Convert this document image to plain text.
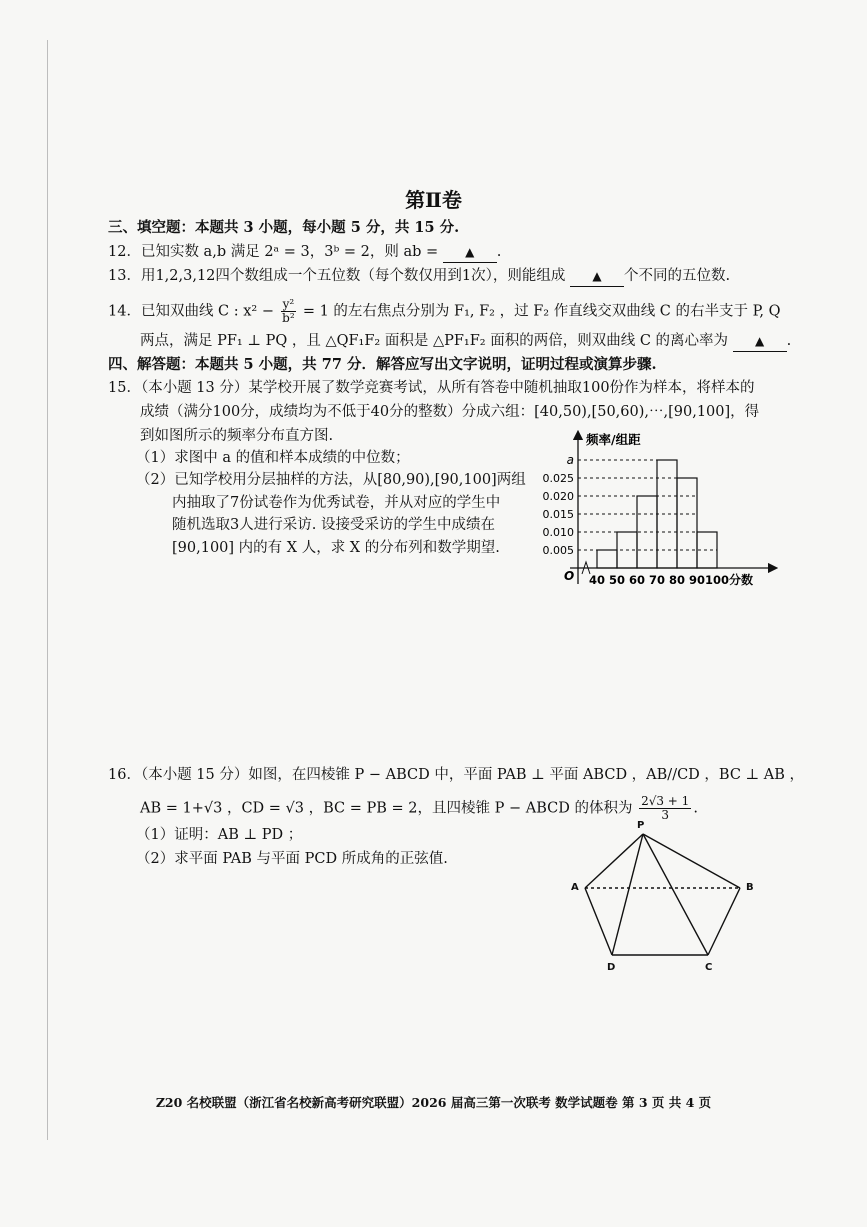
第Ⅱ卷
三、填空题：本题共 3 小题，每小题 5 分，共 15 分.
12．已知实数 a,b 满足 2ᵃ = 3，3ᵇ = 2，则 ab = ▲ .
13．用1,2,3,12四个数组成一个五位数（每个数仅用到1次），则能组成 ▲ 个不同的五位数.
14．已知双曲线 C : $x^2 - \frac{\text{y²}}{\text{b²}} = 1$ 的左右焦点分别为 F₁, F₂ ，过 F₂ 作直线交双曲线 C 的右半支于 P, Q
两点，满足 PF₁ ⊥ PQ ，且 △QF₁F₂ 面积是 △PF₁F₂ 面积的两倍，则双曲线 C 的离心率为 ▲ .
四、解答题：本题共 5 小题，共 77 分．解答应写出文字说明，证明过程或演算步骤.
15．（本小题 13 分）某学校开展了数学竞赛考试，从所有答卷中随机抽取100份作为样本，将样本的
成绩（满分100分，成绩均为不低于40分的整数）分成六组：[40,50),[50,60),⋯,[90,100]，得
到如图所示的频率分布直方图.
（1）求图中 a 的值和样本成绩的中位数；
（2）已知学校用分层抽样的方法，从[80,90),[90,100]两组
内抽取了7份试卷作为优秀试卷，并从对应的学生中
随机选取3人进行采访. 设接受采访的学生中成绩在
[90,100] 内的有 X 人，求 X 的分布列和数学期望.	0.005
0.010
0.015
0.020
0.025
a
40 50 60 70 80 90 100 分数
频率/组距
O
16．（本小题 15 分）如图，在四棱锥 P − ABCD 中，平面 PAB ⊥ 平面 ABCD ，AB//CD ，BC ⊥ AB ，
AB = 1+√3 ，CD = √3 ，BC = PB = 2，且四棱锥 P − ABCD 的体积为 $\frac{2√3 + 1}{3}$ .
（1）证明：AB ⊥ PD ；
（2）求平面 PAB 与平面 PCD 所成角的正弦值.
P
A	B
C
D
Z20 名校联盟（浙江省名校新高考研究联盟）2026 届高三第一次联考 数学试题卷 第 3 页 共 4 页
